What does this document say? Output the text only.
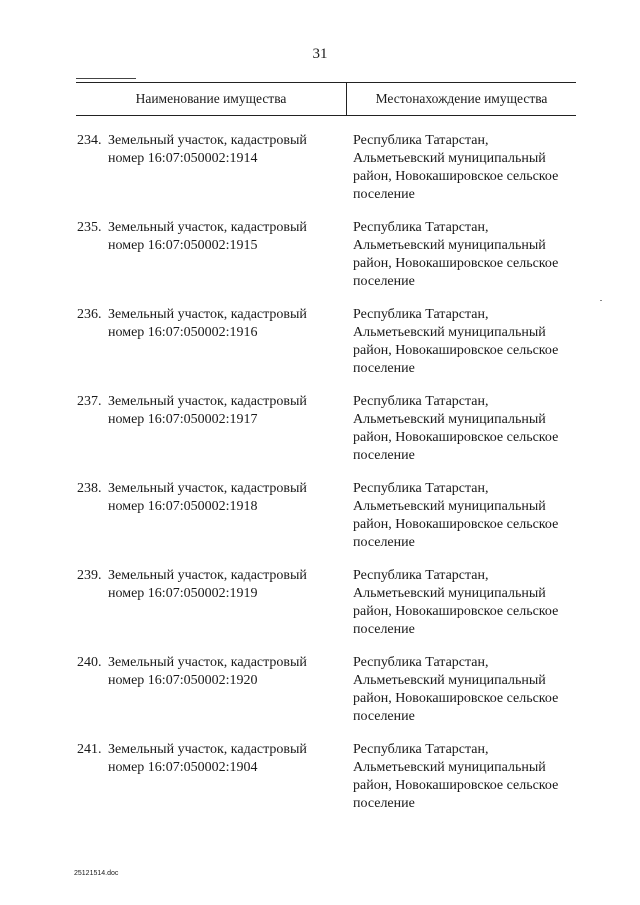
31
Наименование имущества	Местонахождение имущества
234. Земельный участок, кадастровый
номер 16:07:050002:1914
Республика Татарстан,
Альметьевский муниципальный
район, Новокашировское сельское
поселение
235. Земельный участок, кадастровый
номер 16:07:050002:1915
Республика Татарстан,
Альметьевский муниципальный
район, Новокашировское сельское
поселение
236. Земельный участок, кадастровый
номер 16:07:050002:1916
Республика Татарстан,
Альметьевский муниципальный
район, Новокашировское сельское
поселение
237. Земельный участок, кадастровый
номер 16:07:050002:1917
Республика Татарстан,
Альметьевский муниципальный
район, Новокашировское сельское
поселение
238. Земельный участок, кадастровый
номер 16:07:050002:1918
Республика Татарстан,
Альметьевский муниципальный
район, Новокашировское сельское
поселение
239. Земельный участок, кадастровый
номер 16:07:050002:1919
Республика Татарстан,
Альметьевский муниципальный
район, Новокашировское сельское
поселение
240. Земельный участок, кадастровый
номер 16:07:050002:1920
Республика Татарстан,
Альметьевский муниципальный
район, Новокашировское сельское
поселение
241. Земельный участок, кадастровый
номер 16:07:050002:1904
Республика Татарстан,
Альметьевский муниципальный
район, Новокашировское сельское
поселение
25121514.doc
